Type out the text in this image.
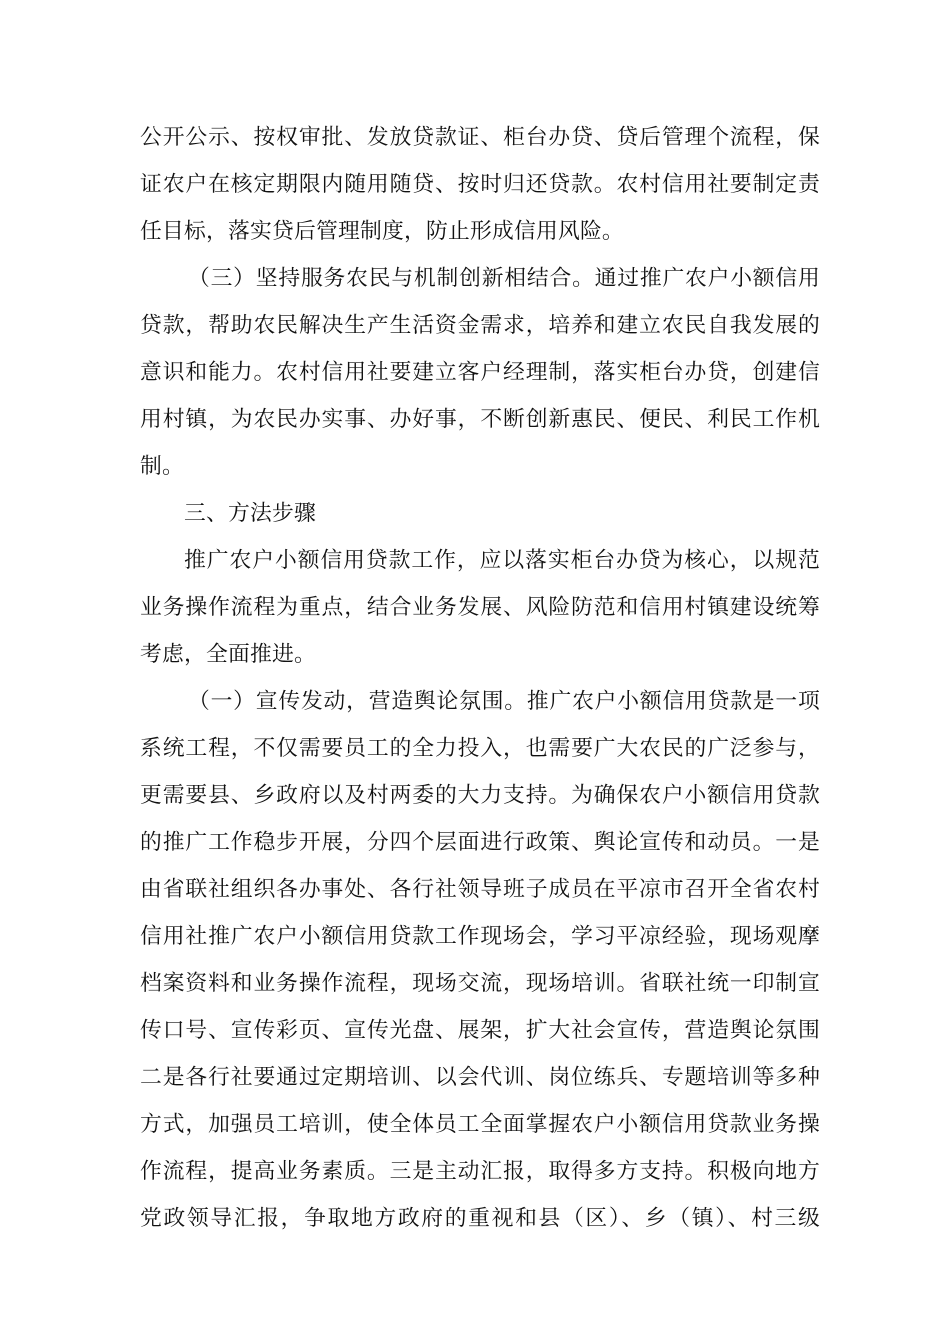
公开公示、按权审批、发放贷款证、柜台办贷、贷后管理个流程，保
证农户在核定期限内随用随贷、按时归还贷款。农村信用社要制定责
任目标，落实贷后管理制度，防止形成信用风险。
（三）坚持服务农民与机制创新相结合。通过推广农户小额信用
贷款，帮助农民解决生产生活资金需求，培养和建立农民自我发展的
意识和能力。农村信用社要建立客户经理制，落实柜台办贷，创建信
用村镇，为农民办实事、办好事，不断创新惠民、便民、利民工作机
制。
三、方法步骤
推广农户小额信用贷款工作，应以落实柜台办贷为核心，以规范
业务操作流程为重点，结合业务发展、风险防范和信用村镇建设统筹
考虑，全面推进。
（一）宣传发动，营造舆论氛围。推广农户小额信用贷款是一项
系统工程，不仅需要员工的全力投入，也需要广大农民的广泛参与，
更需要县、乡政府以及村两委的大力支持。为确保农户小额信用贷款
的推广工作稳步开展，分四个层面进行政策、舆论宣传和动员。一是
由省联社组织各办事处、各行社领导班子成员在平凉市召开全省农村
信用社推广农户小额信用贷款工作现场会，学习平凉经验，现场观摩
档案资料和业务操作流程，现场交流，现场培训。省联社统一印制宣
传口号、宣传彩页、宣传光盘、展架，扩大社会宣传，营造舆论氛围
二是各行社要通过定期培训、以会代训、岗位练兵、专题培训等多种
方式，加强员工培训，使全体员工全面掌握农户小额信用贷款业务操
作流程，提高业务素质。三是主动汇报，取得多方支持。积极向地方
党政领导汇报，争取地方政府的重视和县（区）、乡（镇）、村三级
